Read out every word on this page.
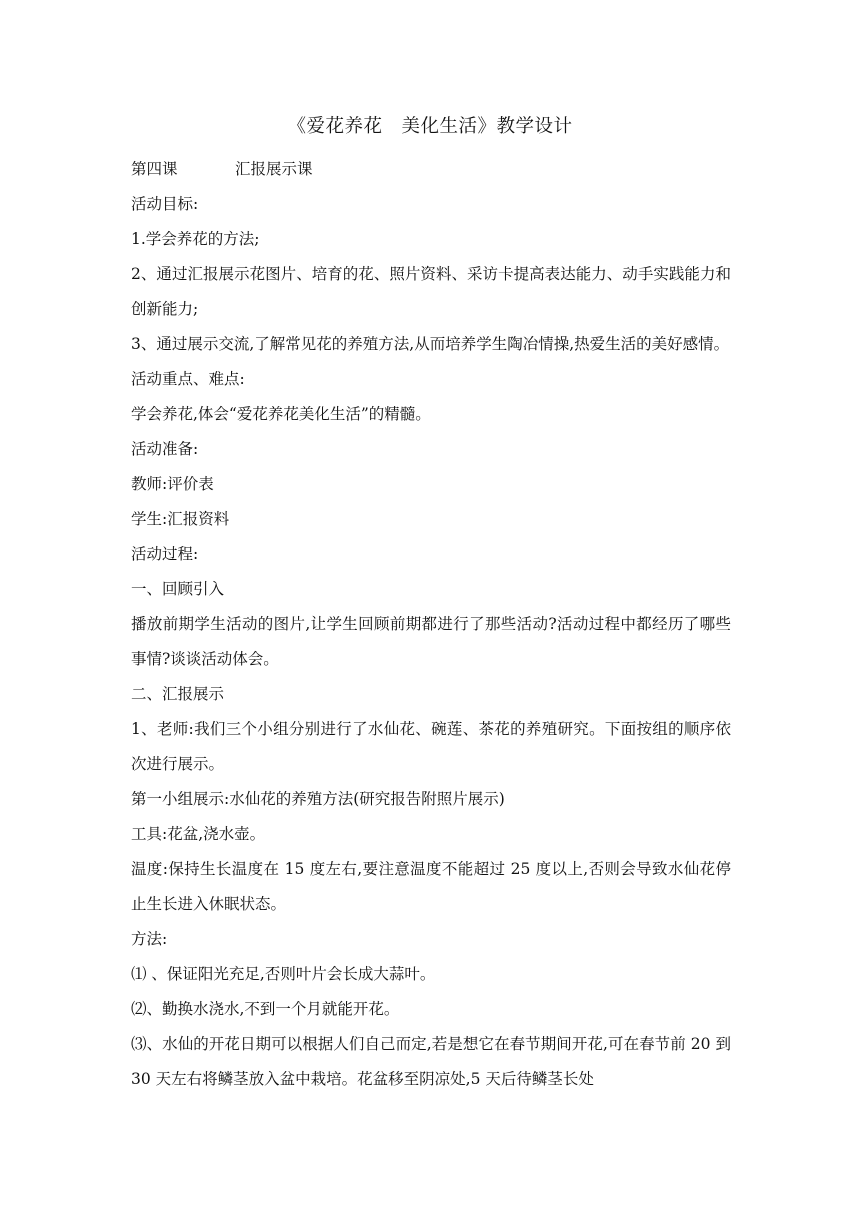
《爱花养花　美化生活》教学设计

第四课	汇报展示课

活动目标:

1.学会养花的方法;

2、通过汇报展示花图片、培育的花、照片资料、采访卡提高表达能力、动手实践能力和创新能力;

3、通过展示交流,了解常见花的养殖方法,从而培养学生陶冶情操,热爱生活的美好感情。

活动重点、难点:

学会养花,体会“爱花养花美化生活”的精髓。

活动准备:

教师:评价表

学生:汇报资料

活动过程:

一、回顾引入

播放前期学生活动的图片,让学生回顾前期都进行了那些活动?活动过程中都经历了哪些事情?谈谈活动体会。

二、汇报展示

1、老师:我们三个小组分别进行了水仙花、碗莲、茶花的养殖研究。下面按组的顺序依次进行展示。

第一小组展示:水仙花的养殖方法(研究报告附照片展示)

工具:花盆,浇水壶。

温度:保持生长温度在 15 度左右,要注意温度不能超过 25 度以上,否则会导致水仙花停止生长进入休眠状态。

方法:

⑴ 、保证阳光充足,否则叶片会长成大蒜叶。

⑵、勤换水浇水,不到一个月就能开花。

⑶、水仙的开花日期可以根据人们自己而定,若是想它在春节期间开花,可在春节前 20 到 30 天左右将鳞茎放入盆中栽培。花盆移至阴凉处,5 天后待鳞茎长处
